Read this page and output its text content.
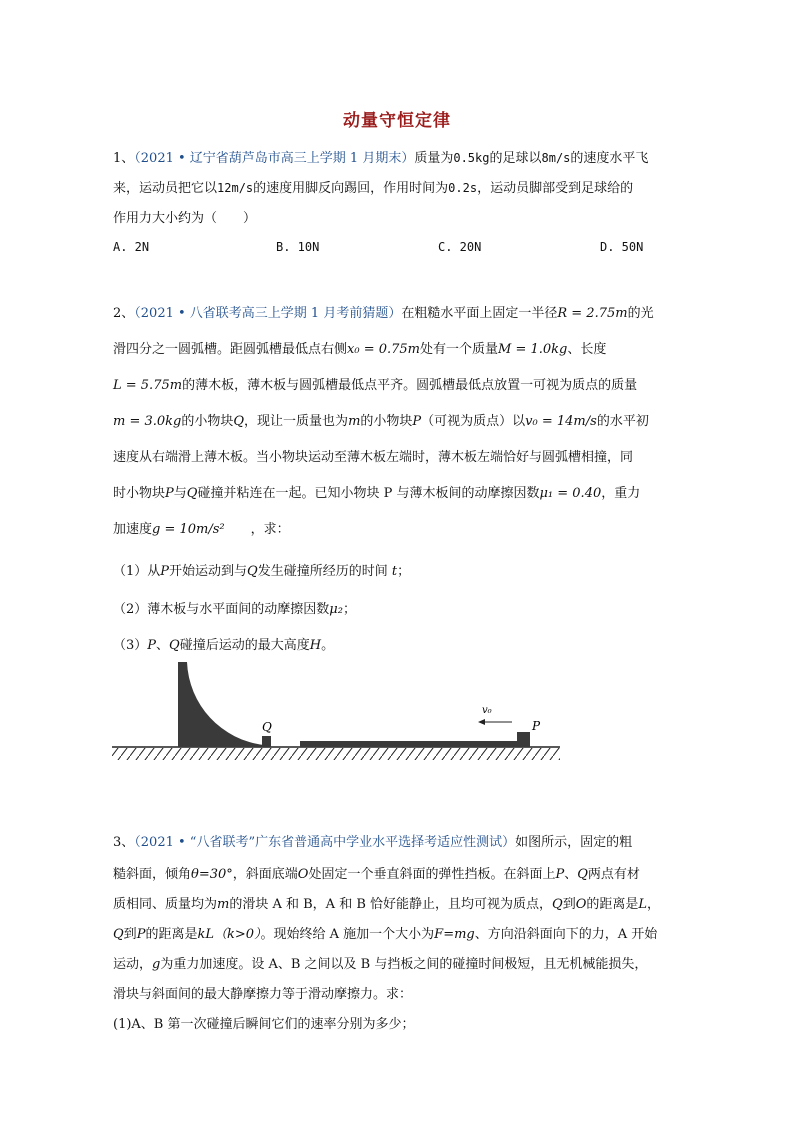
动量守恒定律
1、（2021 • 辽宁省葫芦岛市高三上学期 1 月期末）质量为0.5kg的足球以8m/s的速度水平飞
来，运动员把它以12m/s的速度用脚反向踢回，作用时间为0.2s，运动员脚部受到足球给的
作用力大小约为（　　）
A. 2N	B. 10N	C. 20N	D. 50N
2、（2021 • 八省联考高三上学期 1 月考前猜题）在粗糙水平面上固定一半径R = 2.75m的光
滑四分之一圆弧槽。距圆弧槽最低点右侧x₀ = 0.75m处有一个质量M = 1.0kg、长度
L = 5.75m的薄木板，薄木板与圆弧槽最低点平齐。圆弧槽最低点放置一可视为质点的质量
m = 3.0kg的小物块Q，现让一质量也为m的小物块P（可视为质点）以v₀ = 14m/s的水平初
速度从右端滑上薄木板。当小物块运动至薄木板左端时，薄木板左端恰好与圆弧槽相撞，同
时小物块P与Q碰撞并粘连在一起。已知小物块 P 与薄木板间的动摩擦因数μ₁ = 0.40，重力
加速度g = 10m/s² ，求：
（1）从P开始运动到与Q发生碰撞所经历的时间 t；
（2）薄木板与水平面间的动摩擦因数μ₂；
（3）P、Q碰撞后运动的最大高度H。
Q	P
v₀
3、（2021 • “八省联考”广东省普通高中学业水平选择考适应性测试）如图所示，固定的粗
糙斜面，倾角θ=30°，斜面底端O处固定一个垂直斜面的弹性挡板。在斜面上P、Q两点有材
质相同、质量均为m的滑块 A 和 B，A 和 B 恰好能静止，且均可视为质点，Q到O的距离是L，
Q到P的距离是kL（k>0）。现始终给 A 施加一个大小为F=mg、方向沿斜面向下的力，A 开始
运动，g为重力加速度。设 A、B 之间以及 B 与挡板之间的碰撞时间极短，且无机械能损失，
滑块与斜面间的最大静摩擦力等于滑动摩擦力。求：
(1)A、B 第一次碰撞后瞬间它们的速率分别为多少；
